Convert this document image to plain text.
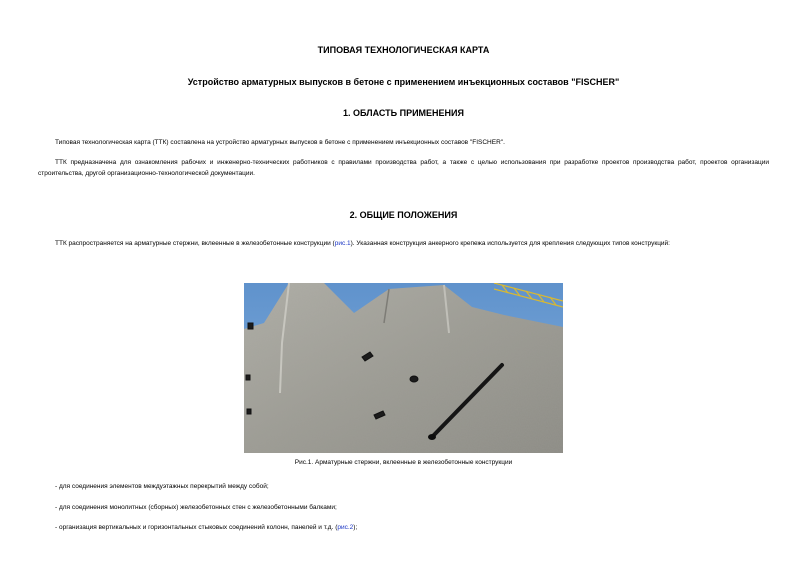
ТИПОВАЯ ТЕХНОЛОГИЧЕСКАЯ КАРТА
Устройство арматурных выпусков в бетоне с применением инъекционных составов "FISCHER"
1. ОБЛАСТЬ ПРИМЕНЕНИЯ

Типовая технологическая карта (ТТК) составлена на устройство арматурных выпусков в бетоне с применением инъекционных составов "FISCHER".

ТТК предназначена для ознакомления рабочих и инженерно-технических работников с правилами производства работ, а также с целью использования при разработке проектов производства работ, проектов организации строительства, другой организационно-технологической документации.

2. ОБЩИЕ ПОЛОЖЕНИЯ

ТТК распространяется на арматурные стержни, вклеенные в железобетонные конструкции (рис.1). Указанная конструкция анкерного крепежа используется для крепления следующих типов конструкций:

Рис.1. Арматурные стержни, вклеенные в железобетонные конструкции

- для соединения элементов междуэтажных перекрытий между собой;

- для соединения монолитных (сборных) железобетонных стен с железобетонными балками;

- организация вертикальных и горизонтальных стыковых соединений колонн, панелей и т.д. (рис.2);
